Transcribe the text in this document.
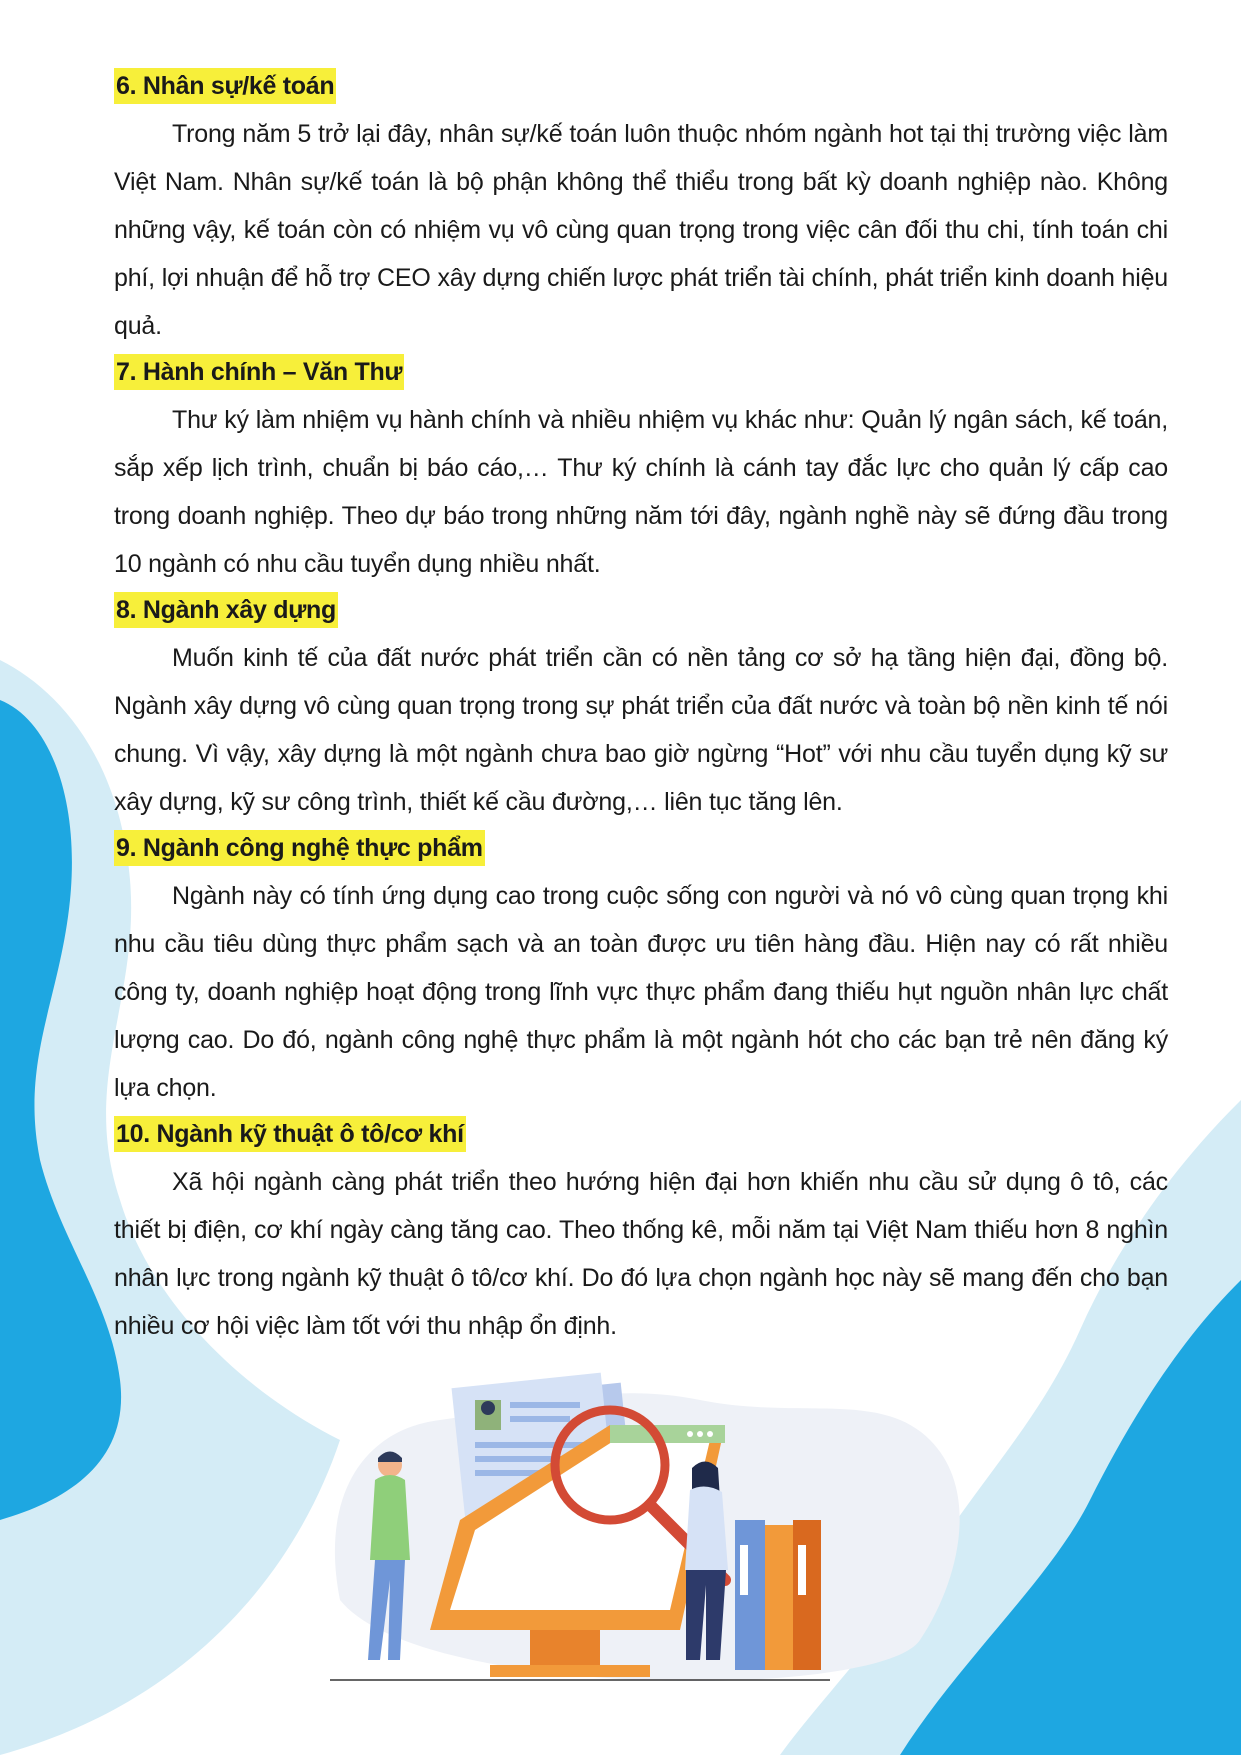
6. Nhân sự/kế toán

Trong năm 5 trở lại đây, nhân sự/kế toán luôn thuộc nhóm ngành hot tại thị trường việc làm Việt Nam. Nhân sự/kế toán là bộ phận không thể thiểu trong bất kỳ doanh nghiệp nào. Không những vậy, kế toán còn có nhiệm vụ vô cùng quan trọng trong việc cân đối thu chi, tính toán chi phí, lợi nhuận để hỗ trợ CEO xây dựng chiến lược phát triển tài chính, phát triển kinh doanh hiệu quả.

7. Hành chính – Văn Thư

Thư ký làm nhiệm vụ hành chính và nhiều nhiệm vụ khác như: Quản lý ngân sách, kế toán, sắp xếp lịch trình, chuẩn bị báo cáo,… Thư ký chính là cánh tay đắc lực cho quản lý cấp cao trong doanh nghiệp. Theo dự báo trong những năm tới đây, ngành nghề này sẽ đứng đầu trong 10 ngành có nhu cầu tuyển dụng nhiều nhất.

8. Ngành xây dựng

Muốn kinh tế của đất nước phát triển cần có nền tảng cơ sở hạ tầng hiện đại, đồng bộ. Ngành xây dựng vô cùng quan trọng trong sự phát triển của đất nước và toàn bộ nền kinh tế nói chung. Vì vậy, xây dựng là một ngành chưa bao giờ ngừng “Hot” với nhu cầu tuyển dụng kỹ sư xây dựng, kỹ sư công trình, thiết kế cầu đường,… liên tục tăng lên.

9. Ngành công nghệ thực phẩm

Ngành này có tính ứng dụng cao trong cuộc sống con người và nó vô cùng quan trọng khi nhu cầu tiêu dùng thực phẩm sạch và an toàn được ưu tiên hàng đầu. Hiện nay có rất nhiều công ty, doanh nghiệp hoạt động trong lĩnh vực thực phẩm đang thiếu hụt nguồn nhân lực chất lượng cao. Do đó, ngành công nghệ thực phẩm là một ngành hót cho các bạn trẻ nên đăng ký lựa chọn.

10. Ngành kỹ thuật ô tô/cơ khí

Xã hội ngành càng phát triển theo hướng hiện đại hơn khiến nhu cầu sử dụng ô tô, các thiết bị điện, cơ khí ngày càng tăng cao. Theo thống kê, mỗi năm tại Việt Nam thiếu hơn 8 nghìn nhân lực trong ngành kỹ thuật ô tô/cơ khí. Do đó lựa chọn ngành học này sẽ mang đến cho bạn nhiều cơ hội việc làm tốt với thu nhập ổn định.
